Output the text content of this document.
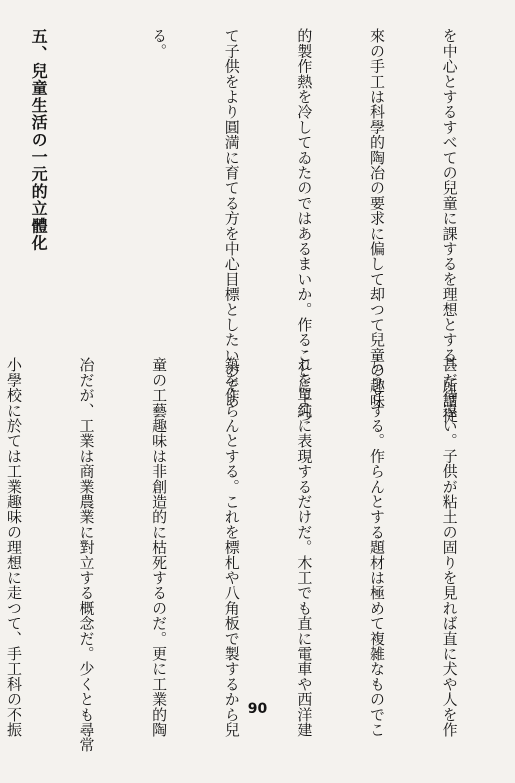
を中心とするすべての兒童に課するを理想とする。所謂従

來の手工は科學的陶冶の要求に偏して却つて兒童の趣味

的製作熱を冷してゐたのではあるまいか。作ることによつ

て子供をより圓満に育てる方を中心目標としたいのであ

る。

五、兒童生活の一元的立體化

甚だ待遠い。子供が粘土の固りを見れば直に犬や人を作

らうとする。作らんとする題材は極めて複雑なものでこ

れを單純に表現するだけだ。木工でも直に電車や西洋建

築を作らんとする。これを標札や八角板で製するから兒

童の工藝趣味は非創造的に枯死するのだ。更に工業的陶

冶だが、工業は商業農業に對立する概念だ。少くとも尋常

小學校に於ては工業趣味の理想に走つて、手工科の不振

	90
